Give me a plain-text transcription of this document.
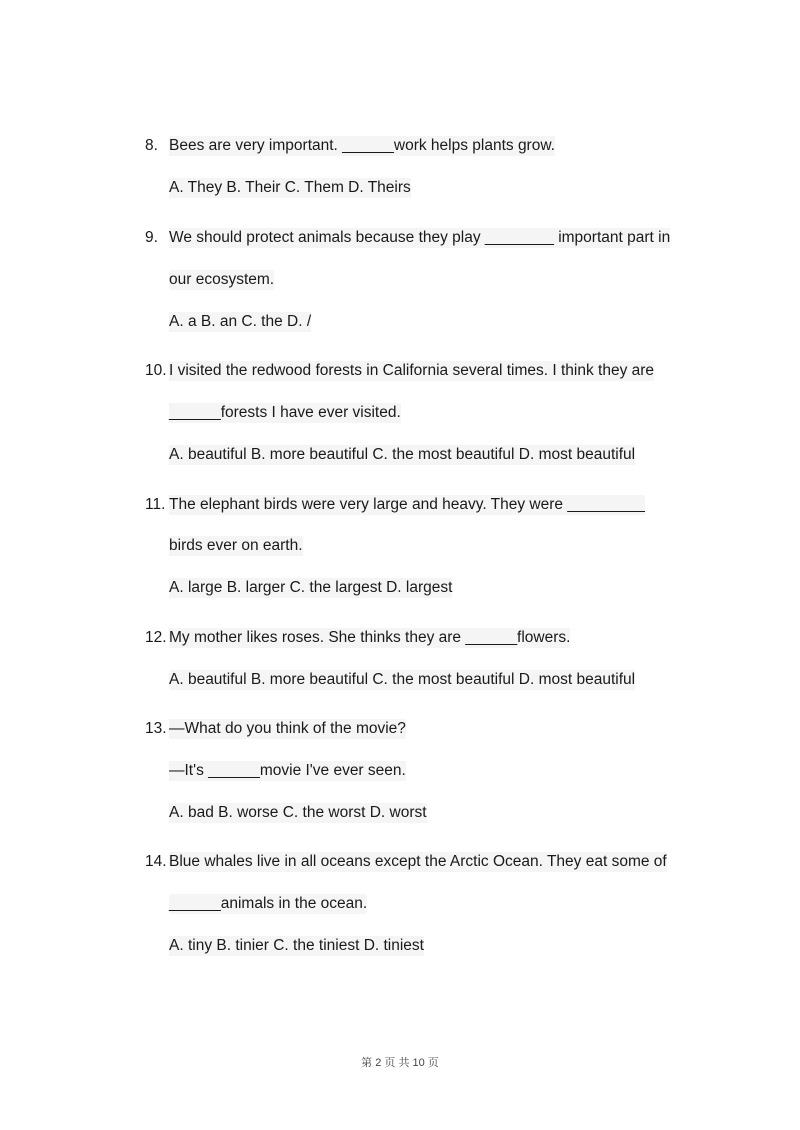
8. Bees are very important. ______work helps plants grow.
A. They B. Their C. Them D. Theirs
9. We should protect animals because they play ________ important part in
our ecosystem.
A. a B. an C. the D. /
10. I visited the redwood forests in California several times. I think they are
______forests I have ever visited.
A. beautiful B. more beautiful C. the most beautiful D. most beautiful
11. The elephant birds were very large and heavy. They were _________
birds ever on earth.
A. large B. larger C. the largest D. largest
12. My mother likes roses. She thinks they are ______flowers.
A. beautiful B. more beautiful C. the most beautiful D. most beautiful
13. —What do you think of the movie?
—It's ______movie I've ever seen.
A. bad B. worse C. the worst D. worst
14. Blue whales live in all oceans except the Arctic Ocean. They eat some of
______animals in the ocean.
A. tiny B. tinier C. the tiniest D. tiniest
第 2 页 共 10 页
